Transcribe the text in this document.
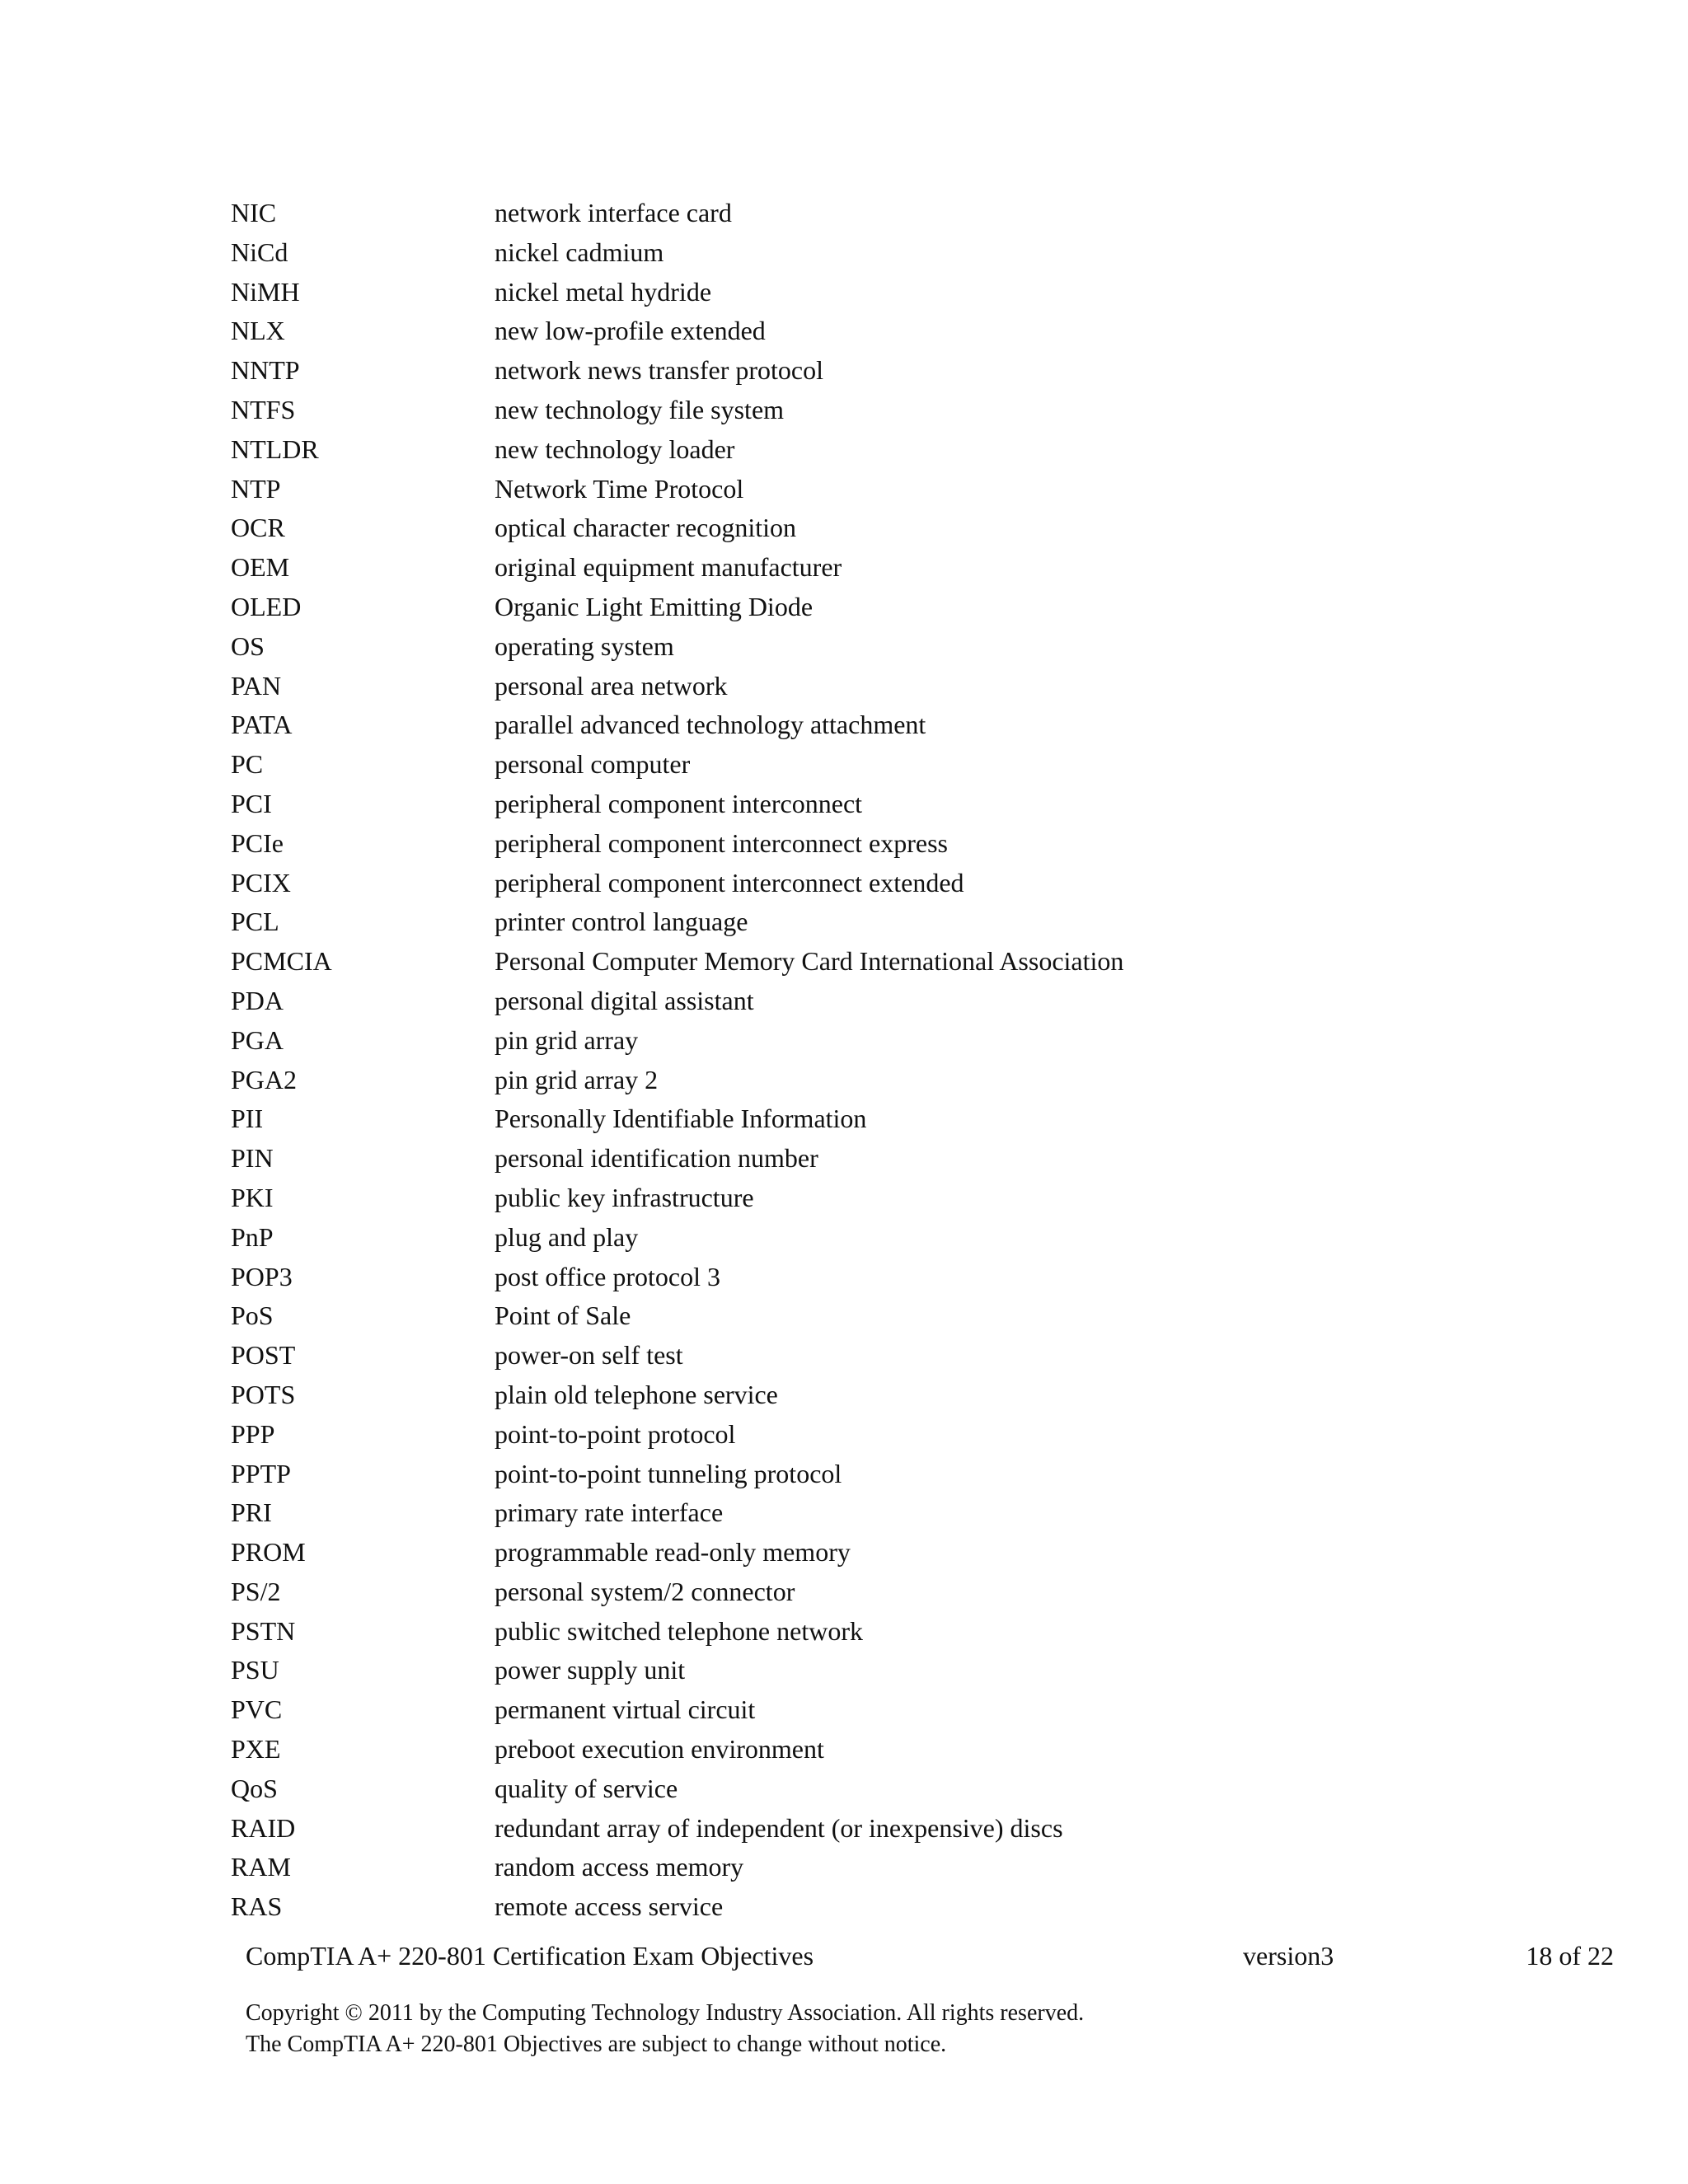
NIC	network interface card
NiCd	nickel cadmium
NiMH	nickel metal hydride
NLX	new low-profile extended
NNTP	network news transfer protocol
NTFS	new technology file system
NTLDR	new technology loader
NTP	Network Time Protocol
OCR	optical character recognition
OEM	original equipment manufacturer
OLED	Organic Light Emitting Diode
OS	operating system
PAN	personal area network
PATA	parallel advanced technology attachment
PC	personal computer
PCI	peripheral component interconnect
PCIe	peripheral component interconnect express
PCIX	peripheral component interconnect extended
PCL	printer control language
PCMCIA	Personal Computer Memory Card International Association
PDA	personal digital assistant
PGA	pin grid array
PGA2	pin grid array 2
PII	Personally Identifiable Information
PIN	personal identification number
PKI	public key infrastructure
PnP	plug and play
POP3	post office protocol 3
PoS	Point of Sale
POST	power-on self test
POTS	plain old telephone service
PPP	point-to-point protocol
PPTP	point-to-point tunneling protocol
PRI	primary rate interface
PROM	programmable read-only memory
PS/2	personal system/2 connector
PSTN	public switched telephone network
PSU	power supply unit
PVC	permanent virtual circuit
PXE	preboot execution environment
QoS	quality of service
RAID	redundant array of independent (or inexpensive) discs
RAM	random access memory
RAS	remote access service
CompTIA A+ 220-801 Certification Exam Objectives	version3	18 of 22
Copyright © 2011 by the Computing Technology Industry Association. All rights reserved.
The CompTIA A+ 220-801 Objectives are subject to change without notice.
